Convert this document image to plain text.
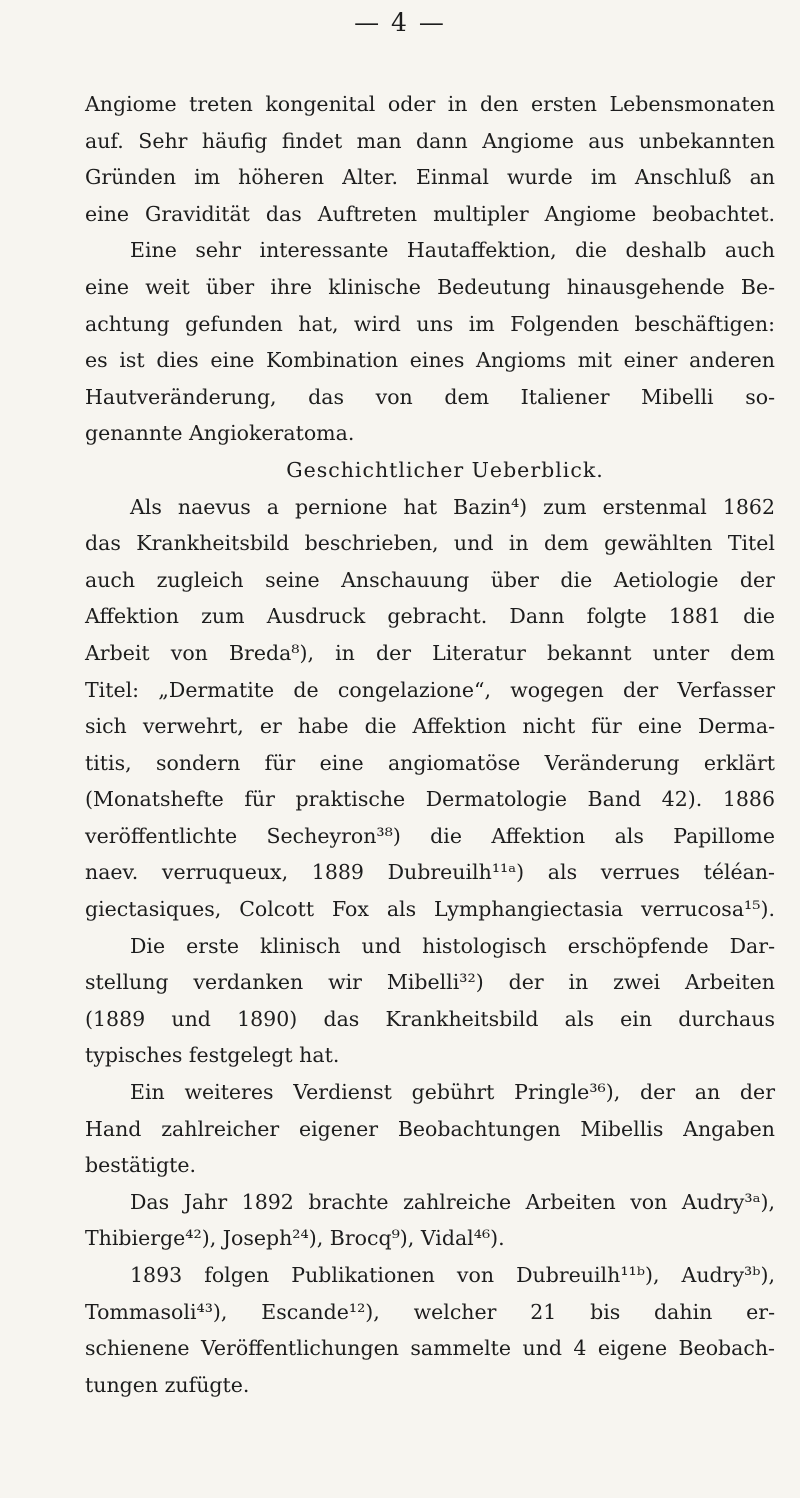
— 4 —
Angiome treten kongenital oder in den ersten Lebensmonaten
auf. Sehr häufig findet man dann Angiome aus unbekannten
Gründen im höheren Alter. Einmal wurde im Anschluß an
eine Gravidität das Auftreten multipler Angiome beobachtet.
Eine sehr interessante Hautaffektion, die deshalb auch
eine weit über ihre klinische Bedeutung hinausgehende Be-
achtung gefunden hat, wird uns im Folgenden beschäftigen:
es ist dies eine Kombination eines Angioms mit einer anderen
Hautveränderung, das von dem Italiener Mibelli so-
genannte Angiokeratoma.
Geschichtlicher Ueberblick.
Als naevus a pernione hat Bazin⁴) zum erstenmal 1862
das Krankheitsbild beschrieben, und in dem gewählten Titel
auch zugleich seine Anschauung über die Aetiologie der
Affektion zum Ausdruck gebracht. Dann folgte 1881 die
Arbeit von Breda⁸), in der Literatur bekannt unter dem
Titel: „Dermatite de congelazione“, wogegen der Verfasser
sich verwehrt, er habe die Affektion nicht für eine Derma-
titis, sondern für eine angiomatöse Veränderung erklärt
(Monatshefte für praktische Dermatologie Band 42). 1886
veröffentlichte Secheyron³⁸) die Affektion als Papillome
naev. verruqueux, 1889 Dubreuilh¹¹ᵃ) als verrues téléan-
giectasiques, Colcott Fox als Lymphangiectasia verrucosa¹⁵).
Die erste klinisch und histologisch erschöpfende Dar-
stellung verdanken wir Mibelli³²) der in zwei Arbeiten
(1889 und 1890) das Krankheitsbild als ein durchaus
typisches festgelegt hat.
Ein weiteres Verdienst gebührt Pringle³⁶), der an der
Hand zahlreicher eigener Beobachtungen Mibellis Angaben
bestätigte.
Das Jahr 1892 brachte zahlreiche Arbeiten von Audry³ᵃ),
Thibierge⁴²), Joseph²⁴), Brocq⁹), Vidal⁴⁶).
1893 folgen Publikationen von Dubreuilh¹¹ᵇ), Audry³ᵇ),
Tommasoli⁴³), Escande¹²), welcher 21 bis dahin er-
schienene Veröffentlichungen sammelte und 4 eigene Beobach-
tungen zufügte.
